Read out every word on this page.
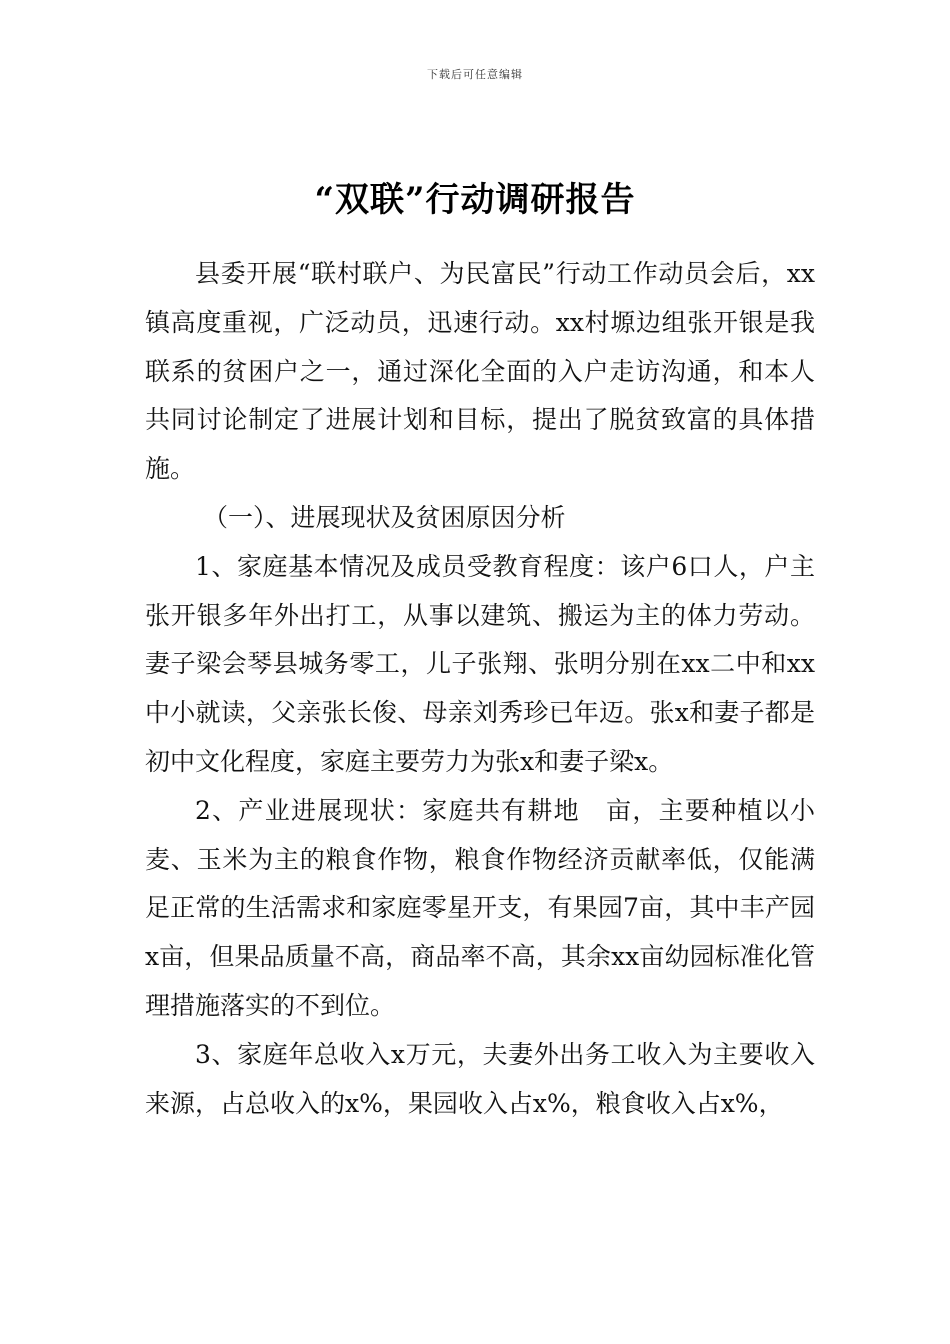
下载后可任意编辑
“双联”行动调研报告

县委开展“联村联户、为民富民”行动工作动员会后，xx镇高度重视，广泛动员，迅速行动。xx村塬边组张开银是我联系的贫困户之一，通过深化全面的入户走访沟通，和本人共同讨论制定了进展计划和目标，提出了脱贫致富的具体措施。

（一）、进展现状及贫困原因分析

1、家庭基本情况及成员受教育程度：该户6口人，户主张开银多年外出打工，从事以建筑、搬运为主的体力劳动。妻子梁会琴县城务零工，儿子张翔、张明分别在xx二中和xx中小就读，父亲张长俊、母亲刘秀珍已年迈。张x和妻子都是初中文化程度，家庭主要劳力为张x和妻子梁x。

2、产业进展现状：家庭共有耕地　亩，主要种植以小麦、玉米为主的粮食作物，粮食作物经济贡献率低，仅能满足正常的生活需求和家庭零星开支，有果园7亩，其中丰产园x亩，但果品质量不高，商品率不高，其余xx亩幼园标准化管理措施落实的不到位。

3、家庭年总收入x万元，夫妻外出务工收入为主要收入来源，占总收入的x%，果园收入占x%，粮食收入占x%，
